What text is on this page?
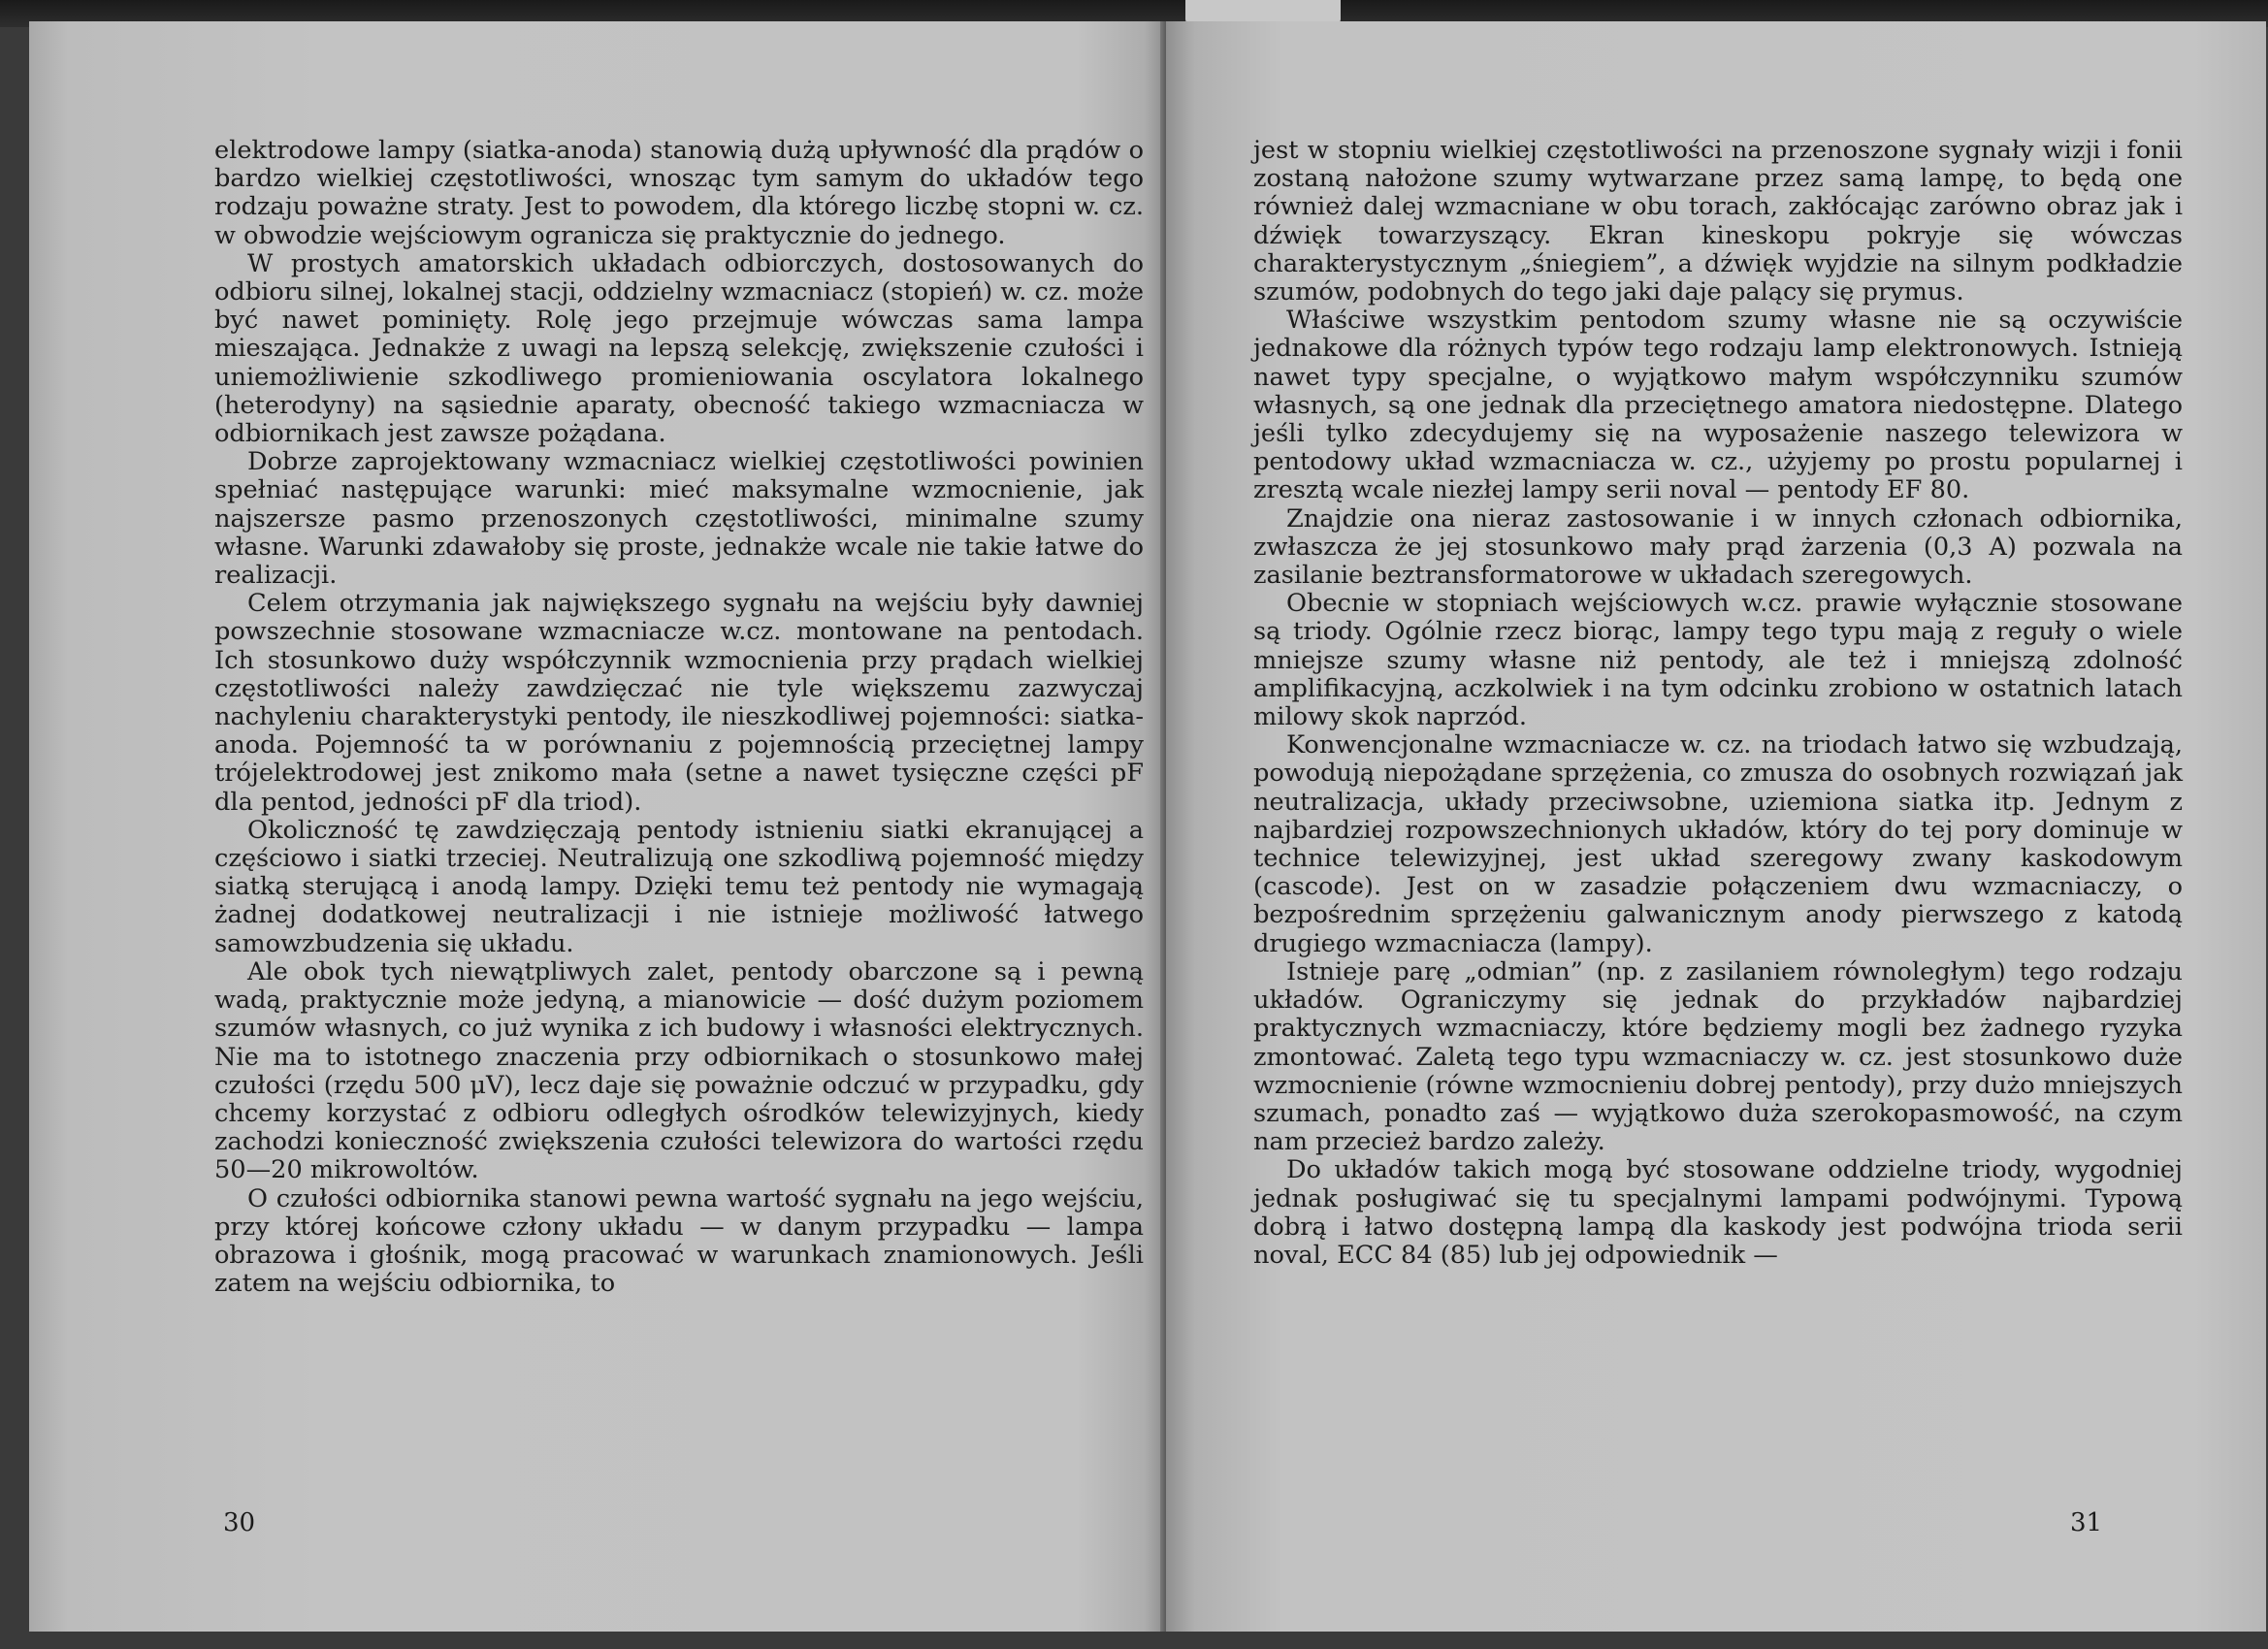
elektrodowe lampy (siatka-anoda) stanowią dużą upływność dla prądów o bardzo wielkiej częstotliwości, wnosząc tym samym do układów tego rodzaju poważne straty. Jest to powodem, dla którego liczbę stopni w. cz. w obwodzie wejściowym ogranicza się praktycznie do jednego.

W prostych amatorskich układach odbiorczych, dostosowanych do odbioru silnej, lokalnej stacji, oddzielny wzmacniacz (stopień) w. cz. może być nawet pominięty. Rolę jego przejmuje wówczas sama lampa mieszająca. Jednakże z uwagi na lepszą selekcję, zwiększenie czułości i uniemożliwienie szkodliwego promieniowania oscylatora lokalnego (heterodyny) na sąsiednie aparaty, obecność takiego wzmacniacza w odbiornikach jest zawsze pożądana.

Dobrze zaprojektowany wzmacniacz wielkiej częstotliwości powinien spełniać następujące warunki: mieć maksymalne wzmocnienie, jak najszersze pasmo przenoszonych częstotliwości, minimalne szumy własne. Warunki zdawałoby się proste, jednakże wcale nie takie łatwe do realizacji.

Celem otrzymania jak największego sygnału na wejściu były dawniej powszechnie stosowane wzmacniacze w.cz. montowane na pentodach. Ich stosunkowo duży współczynnik wzmocnienia przy prądach wielkiej częstotliwości należy zawdzięczać nie tyle większemu zazwyczaj nachyleniu charakterystyki pentody, ile nieszkodliwej pojemności: siatka-anoda. Pojemność ta w porównaniu z pojemnością przeciętnej lampy trójelektrodowej jest znikomo mała (setne a nawet tysięczne części pF dla pentod, jedności pF dla triod).

Okoliczność tę zawdzięczają pentody istnieniu siatki ekranującej a częściowo i siatki trzeciej. Neutralizują one szkodliwą pojemność między siatką sterującą i anodą lampy. Dzięki temu też pentody nie wymagają żadnej dodatkowej neutralizacji i nie istnieje możliwość łatwego samowzbudzenia się układu.

Ale obok tych niewątpliwych zalet, pentody obarczone są i pewną wadą, praktycznie może jedyną, a mianowicie — dość dużym poziomem szumów własnych, co już wynika z ich budowy i własności elektrycznych. Nie ma to istotnego znaczenia przy odbiornikach o stosunkowo małej czułości (rzędu 500 μV), lecz daje się poważnie odczuć w przypadku, gdy chcemy korzystać z odbioru odległych ośrodków telewizyjnych, kiedy zachodzi konieczność zwiększenia czułości telewizora do wartości rzędu 50—20 mikrowoltów.

O czułości odbiornika stanowi pewna wartość sygnału na jego wejściu, przy której końcowe człony układu — w danym przypadku — lampa obrazowa i głośnik, mogą pracować w warunkach znamionowych. Jeśli zatem na wejściu odbiornika, to

30

jest w stopniu wielkiej częstotliwości na przenoszone sygnały wizji i fonii zostaną nałożone szumy wytwarzane przez samą lampę, to będą one również dalej wzmacniane w obu torach, zakłócając zarówno obraz jak i dźwięk towarzyszący. Ekran kineskopu pokryje się wówczas charakterystycznym „śniegiem”, a dźwięk wyjdzie na silnym podkładzie szumów, podobnych do tego jaki daje palący się prymus.

Właściwe wszystkim pentodom szumy własne nie są oczywiście jednakowe dla różnych typów tego rodzaju lamp elektronowych. Istnieją nawet typy specjalne, o wyjątkowo małym współczynniku szumów własnych, są one jednak dla przeciętnego amatora niedostępne. Dlatego jeśli tylko zdecydujemy się na wyposażenie naszego telewizora w pentodowy układ wzmacniacza w. cz., użyjemy po prostu popularnej i zresztą wcale niezłej lampy serii noval — pentody EF 80.

Znajdzie ona nieraz zastosowanie i w innych członach odbiornika, zwłaszcza że jej stosunkowo mały prąd żarzenia (0,3 A) pozwala na zasilanie beztransformatorowe w układach szeregowych.

Obecnie w stopniach wejściowych w.cz. prawie wyłącznie stosowane są triody. Ogólnie rzecz biorąc, lampy tego typu mają z reguły o wiele mniejsze szumy własne niż pentody, ale też i mniejszą zdolność amplifikacyjną, aczkolwiek i na tym odcinku zrobiono w ostatnich latach milowy skok naprzód.

Konwencjonalne wzmacniacze w. cz. na triodach łatwo się wzbudzają, powodują niepożądane sprzężenia, co zmusza do osobnych rozwiązań jak neutralizacja, układy przeciwsobne, uziemiona siatka itp. Jednym z najbardziej rozpowszechnionych układów, który do tej pory dominuje w technice telewizyjnej, jest układ szeregowy zwany kaskodowym (cascode). Jest on w zasadzie połączeniem dwu wzmacniaczy, o bezpośrednim sprzężeniu galwanicznym anody pierwszego z katodą drugiego wzmacniacza (lampy).

Istnieje parę „odmian” (np. z zasilaniem równoległym) tego rodzaju układów. Ograniczymy się jednak do przykładów najbardziej praktycznych wzmacniaczy, które będziemy mogli bez żadnego ryzyka zmontować. Zaletą tego typu wzmacniaczy w. cz. jest stosunkowo duże wzmocnienie (równe wzmocnieniu dobrej pentody), przy dużo mniejszych szumach, ponadto zaś — wyjątkowo duża szerokopasmowość, na czym nam przecież bardzo zależy.

Do układów takich mogą być stosowane oddzielne triody, wygodniej jednak posługiwać się tu specjalnymi lampami podwójnymi. Typową dobrą i łatwo dostępną lampą dla kaskody jest podwójna trioda serii noval, ECC 84 (85) lub jej odpowiednik —

31
